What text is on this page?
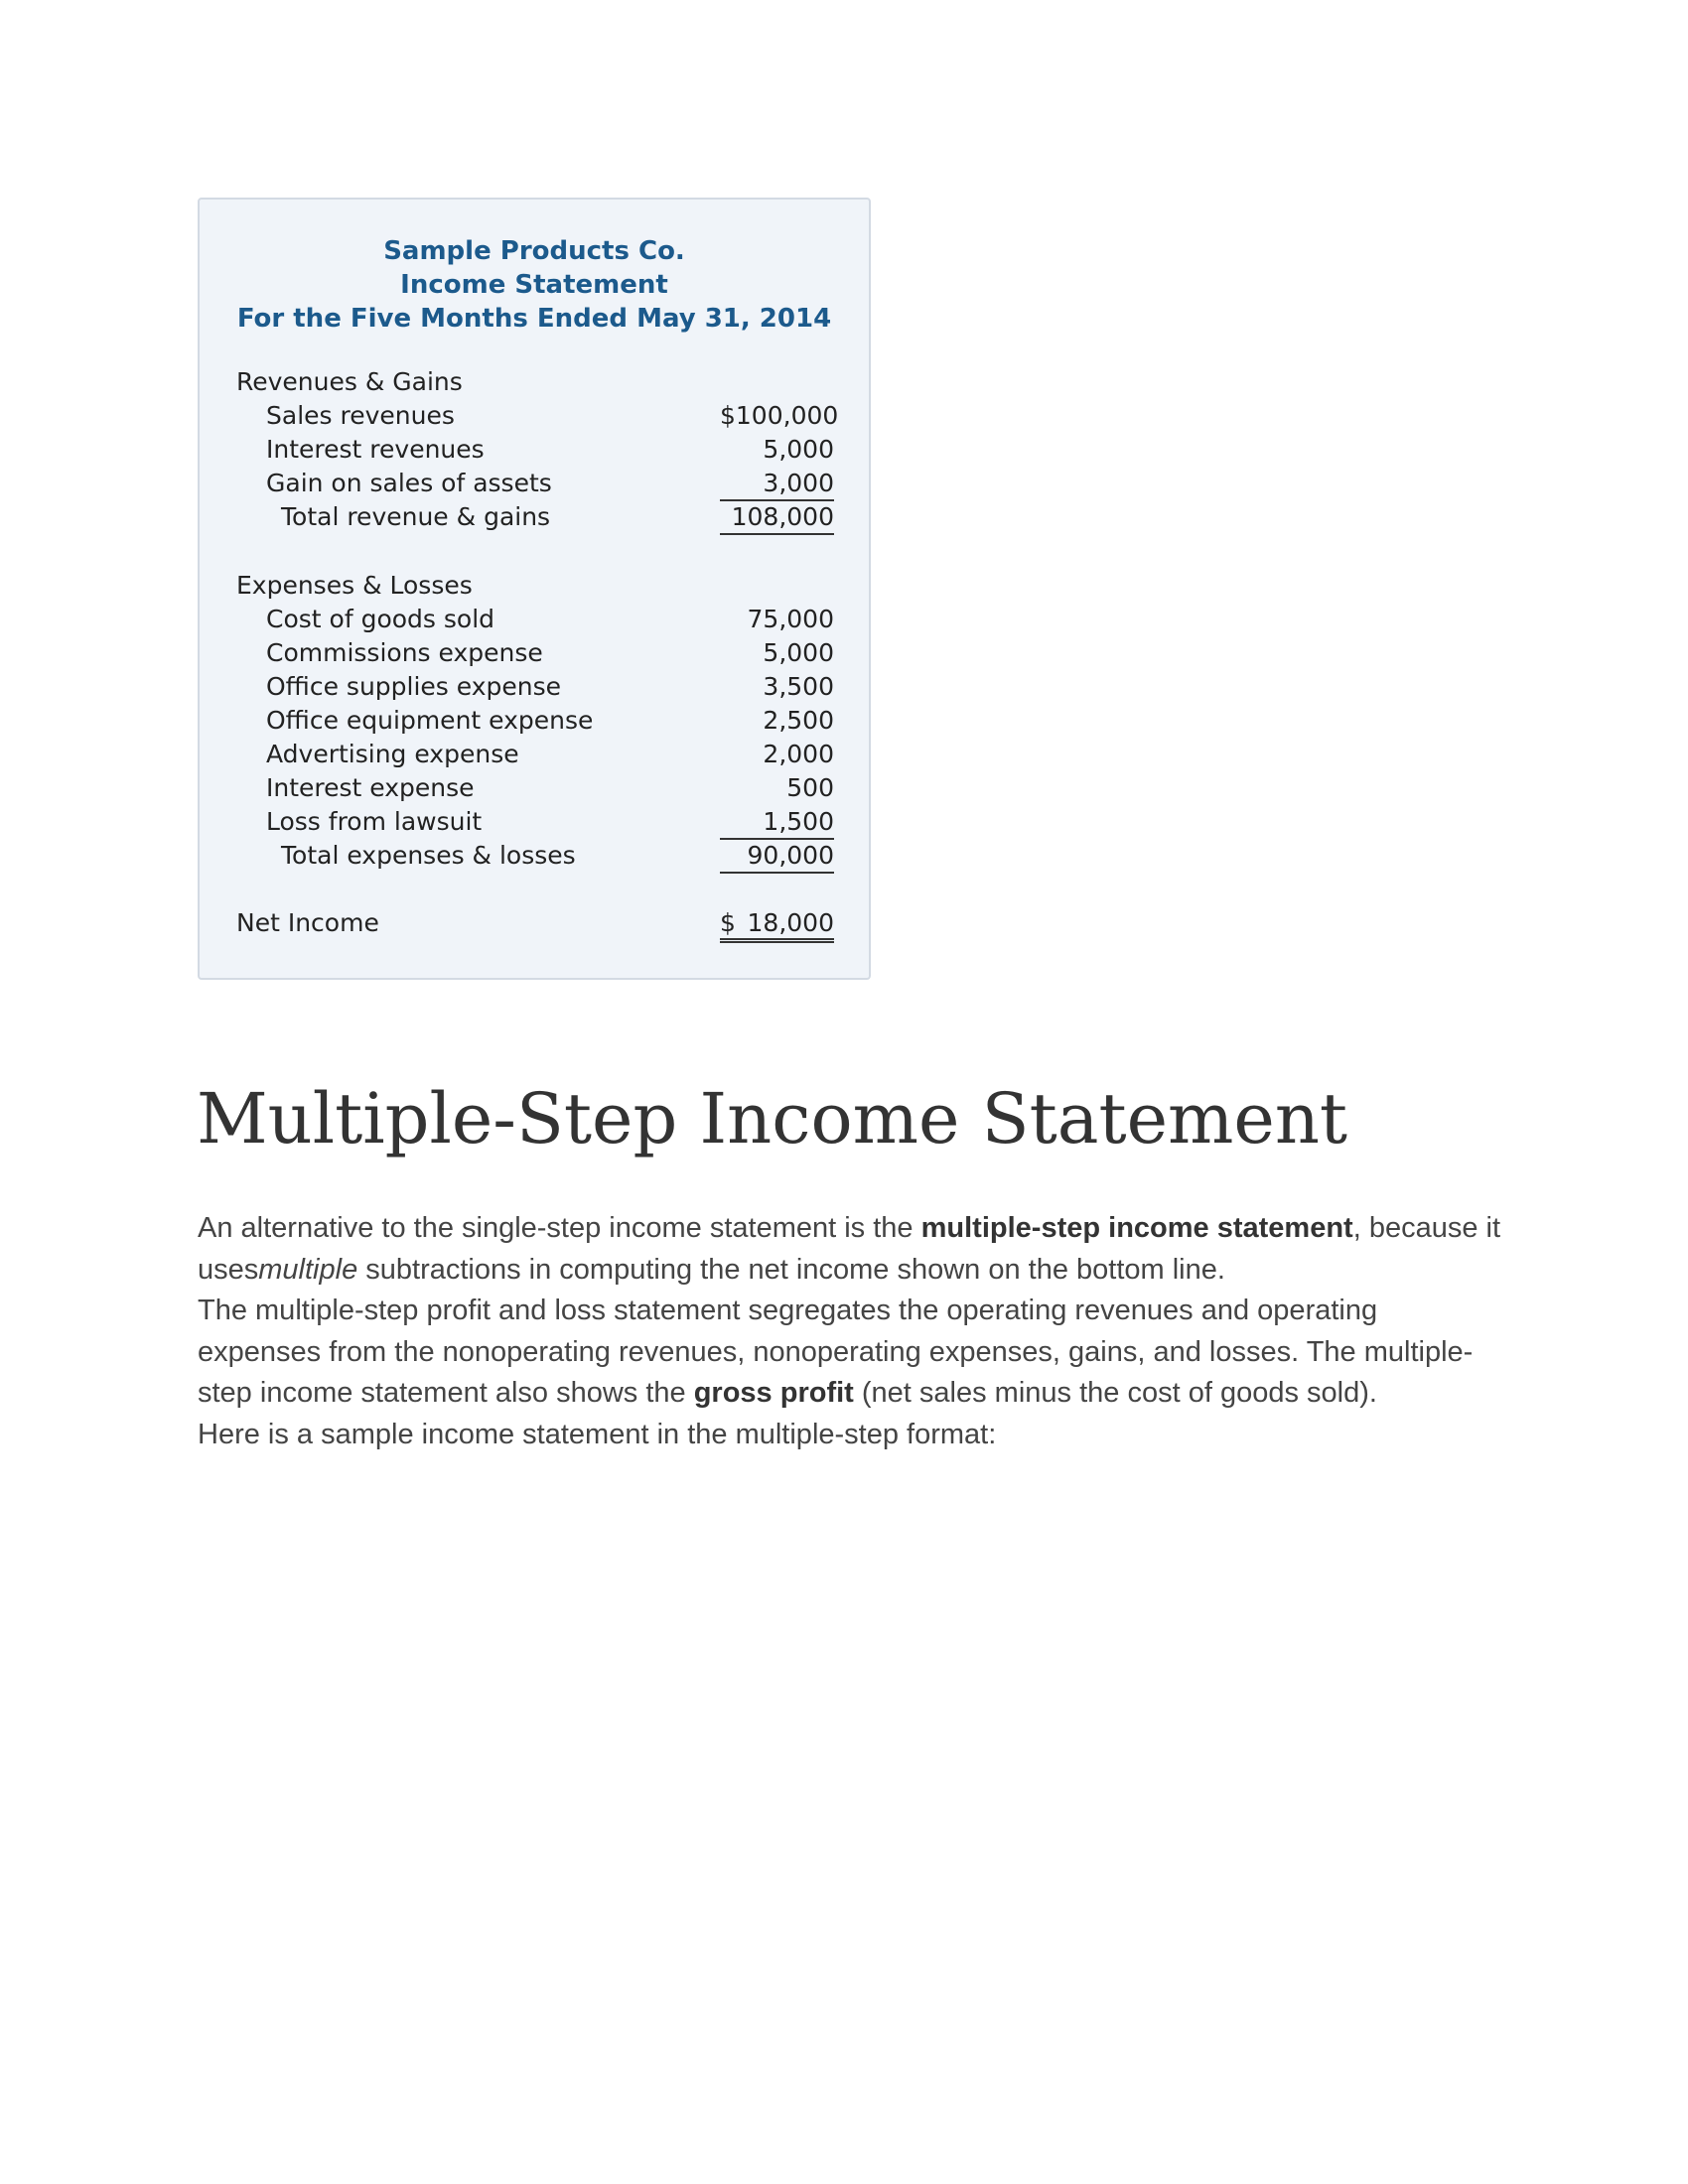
Sample Products Co.
Income Statement
For the Five Months Ended May 31, 2014
Revenues & Gains
Sales revenues	$100,000
Interest revenues	5,000
Gain on sales of assets	3,000
Total revenue & gains	108,000
Expenses & Losses
Cost of goods sold	75,000
Commissions expense	5,000
Office supplies expense	3,500
Office equipment expense	2,500
Advertising expense	2,000
Interest expense	500
Loss from lawsuit	1,500
Total expenses & losses	90,000
Net Income	$ 18,000
Multiple-Step Income Statement

An alternative to the single-step income statement is the multiple-step income statement, because it usesmultiple subtractions in computing the net income shown on the bottom line.

The multiple-step profit and loss statement segregates the operating revenues and operating expenses from the nonoperating revenues, nonoperating expenses, gains, and losses. The multiple-step income statement also shows the gross profit (net sales minus the cost of goods sold).

Here is a sample income statement in the multiple-step format:
